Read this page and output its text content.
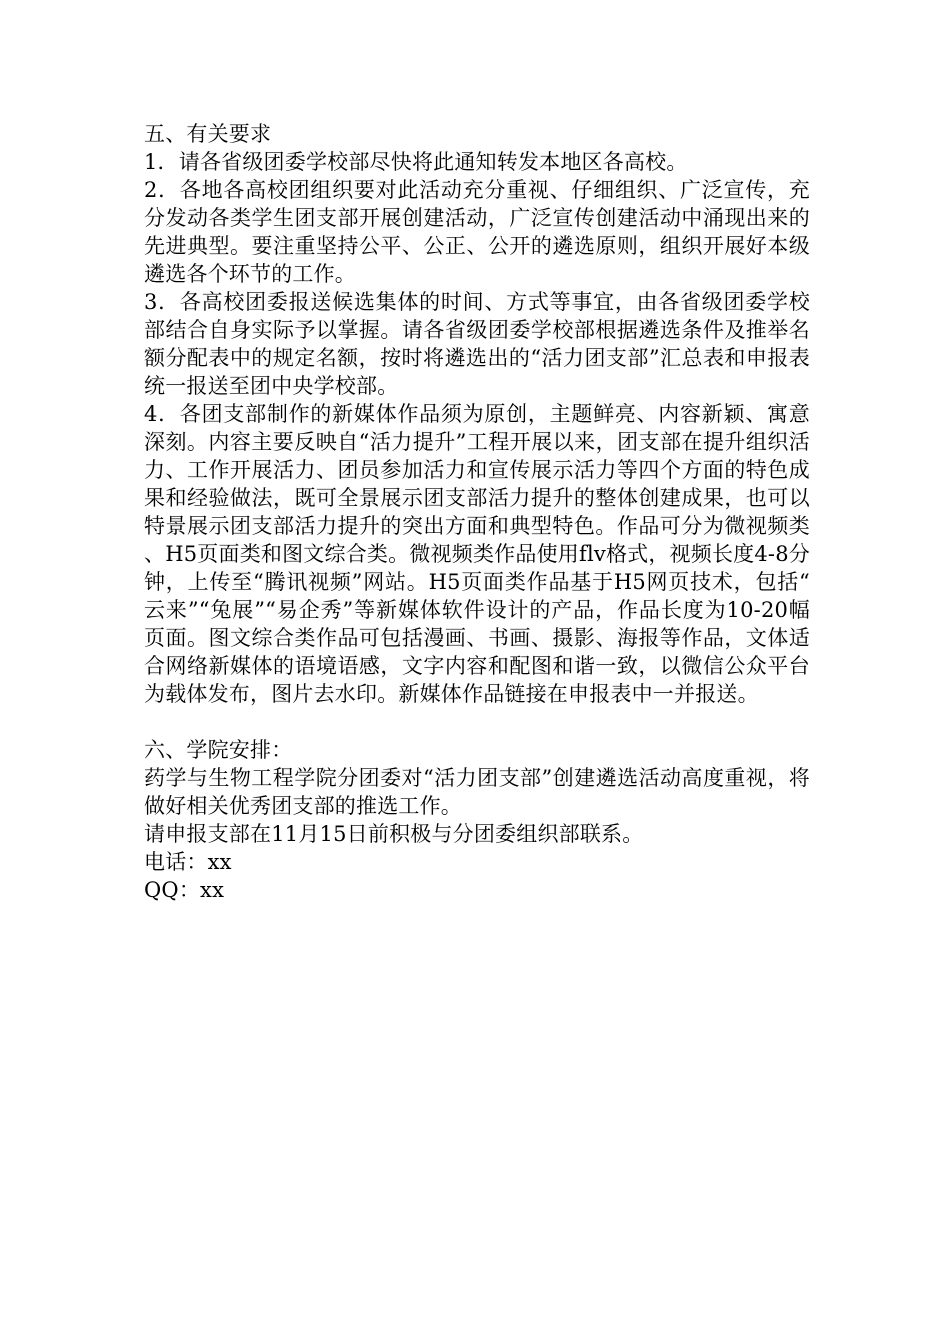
五、有关要求

1．请各省级团委学校部尽快将此通知转发本地区各高校。

2．各地各高校团组织要对此活动充分重视、仔细组织、广泛宣传，充分发动各类学生团支部开展创建活动，广泛宣传创建活动中涌现出来的先进典型。要注重坚持公平、公正、公开的遴选原则，组织开展好本级遴选各个环节的工作。

3．各高校团委报送候选集体的时间、方式等事宜，由各省级团委学校部结合自身实际予以掌握。请各省级团委学校部根据遴选条件及推举名额分配表中的规定名额，按时将遴选出的“活力团支部”汇总表和申报表统一报送至团中央学校部。

4．各团支部制作的新媒体作品须为原创，主题鲜亮、内容新颖、寓意深刻。内容主要反映自“活力提升”工程开展以来，团支部在提升组织活力、工作开展活力、团员参加活力和宣传展示活力等四个方面的特色成果和经验做法，既可全景展示团支部活力提升的整体创建成果，也可以特景展示团支部活力提升的突出方面和典型特色。作品可分为微视频类、H5页面类和图文综合类。微视频类作品使用flv格式，视频长度4-8分钟，上传至“腾讯视频”网站。H5页面类作品基于H5网页技术，包括“云来”“兔展”“易企秀”等新媒体软件设计的产品，作品长度为10-20幅页面。图文综合类作品可包括漫画、书画、摄影、海报等作品，文体适合网络新媒体的语境语感，文字内容和配图和谐一致，以微信公众平台为载体发布，图片去水印。新媒体作品链接在申报表中一并报送。

六、学院安排：

药学与生物工程学院分团委对“活力团支部”创建遴选活动高度重视，将做好相关优秀团支部的推选工作。

请申报支部在11月15日前积极与分团委组织部联系。

电话：xx

QQ：xx
